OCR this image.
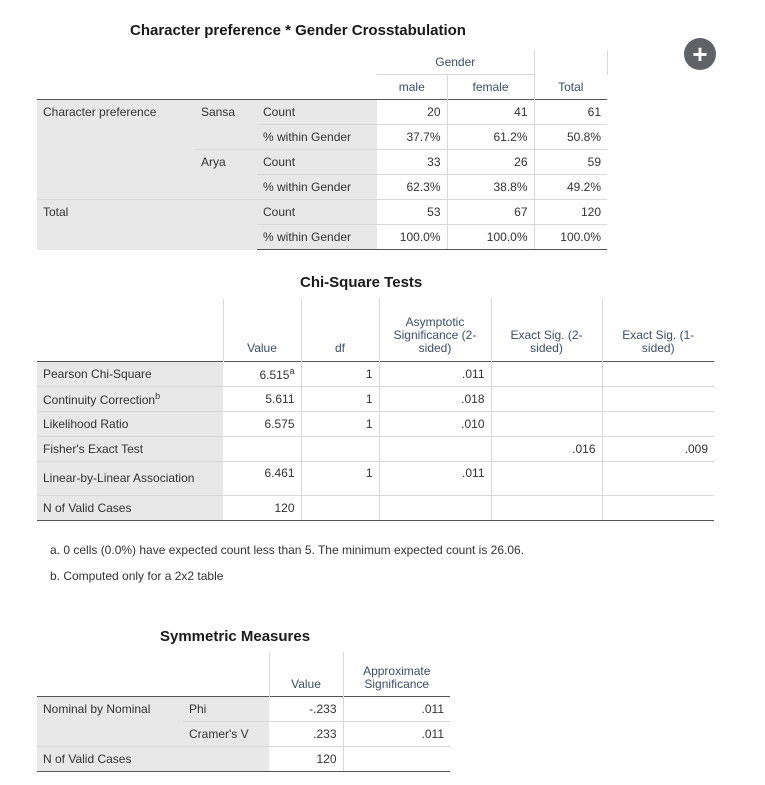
Character preference * Gender Crosstabulation
			Gender		
			male	female	Total
Character preference	Sansa	Count	20	41	61
		% within Gender	37.7%	61.2%	50.8%
	Arya	Count	33	26	59
		% within Gender	62.3%	38.8%	49.2%
Total		Count	53	67	120
		% within Gender	100.0%	100.0%	100.0%
+
Chi-Square Tests
	Value	df	Asymptotic Significance (2-sided)	Exact Sig. (2-sided)	Exact Sig. (1-sided)
Pearson Chi-Square	6.515$^a$	1	.011		
Continuity Correction$^b$	5.611	1	.018		
Likelihood Ratio	6.575	1	.010		
Fisher's Exact Test				.016	.009
Linear-by-Linear Association	6.461	1	.011		
N of Valid Cases	120				
a. 0 cells (0.0%) have expected count less than 5. The minimum expected count is 26.06.
b. Computed only for a 2x2 table
Symmetric Measures
		Value	Approximate Significance
Nominal by Nominal	Phi	-.233	.011
	Cramer's V	.233	.011
N of Valid Cases		120	
